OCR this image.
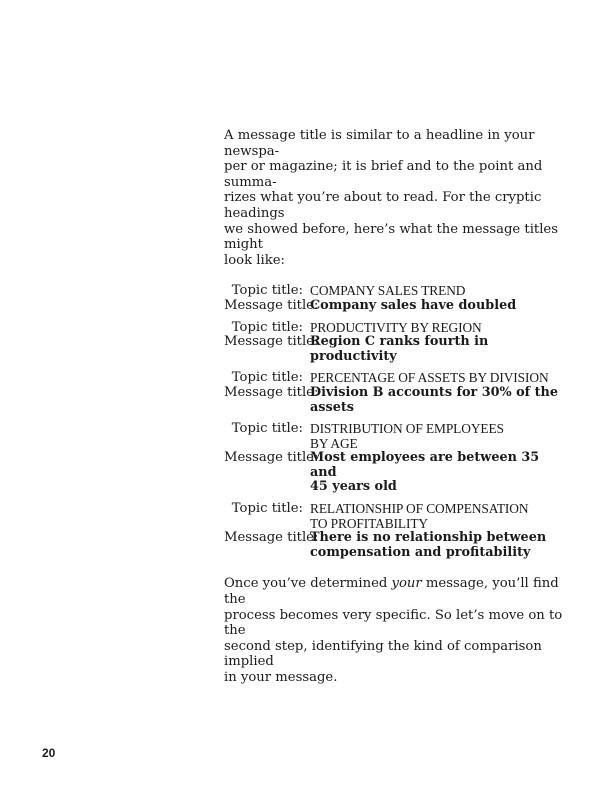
A message title is similar to a headline in your newspa-
per or magazine; it is brief and to the point and summa-
rizes what you’re about to read. For the cryptic headings
we showed before, here’s what the message titles might
look like:

Topic title: COMPANY SALES TREND
Message title:
Company sales have doubled
Topic title: PRODUCTIVITY BY REGION
Message title:
Region C ranks fourth in productivity
Topic title: PERCENTAGE OF ASSETS BY DIVISION
Message title:
Division B accounts for 30% of the
assets
Topic title: DISTRIBUTION OF EMPLOYEES
BY AGE
Message title:
Most employees are between 35 and
45 years old
Topic title: RELATIONSHIP OF COMPENSATION
TO PROFITABILITY
Message title:
There is no relationship between
compensation and profitability

Once you’ve determined your message, you’ll find the
process becomes very specific. So let’s move on to the
second step, identifying the kind of comparison implied
in your message.

20
